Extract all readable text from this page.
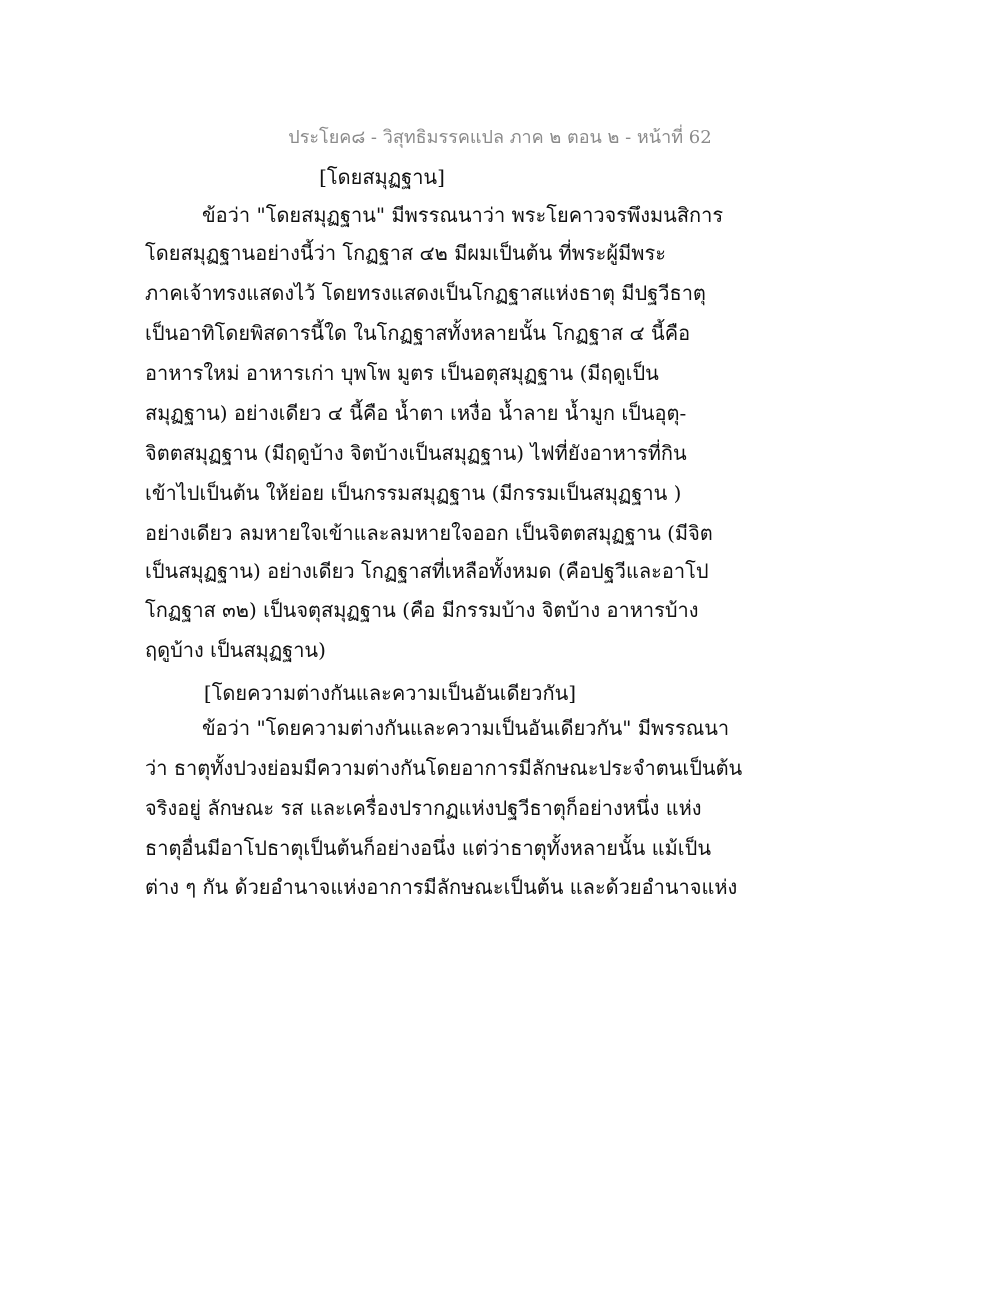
ประโยค๘ - วิสุทธิมรรคแปล ภาค ๒ ตอน ๒ - หน้าที่ 62
[โดยสมุฏฐาน]
ข้อว่า "โดยสมุฏฐาน" มีพรรณนาว่า พระโยคาวจรพึงมนสิการ
โดยสมุฏฐานอย่างนี้ว่า โกฏฐาส ๔๒ มีผมเป็นต้น ที่พระผู้มีพระ
ภาคเจ้าทรงแสดงไว้ โดยทรงแสดงเป็นโกฏฐาสแห่งธาตุ มีปฐวีธาตุ
เป็นอาทิโดยพิสดารนี้ใด ในโกฏฐาสทั้งหลายนั้น โกฏฐาส ๔ นี้คือ
อาหารใหม่ อาหารเก่า บุพโพ มูตร เป็นอตุสมุฏฐาน (มีฤดูเป็น
สมุฏฐาน) อย่างเดียว ๔ นี้คือ น้ำตา เหงื่อ น้ำลาย น้ำมูก เป็นอุตุ-
จิตตสมุฏฐาน (มีฤดูบ้าง จิตบ้างเป็นสมุฏฐาน) ไฟที่ยังอาหารที่กิน
เข้าไปเป็นต้น ให้ย่อย เป็นกรรมสมุฏฐาน (มีกรรมเป็นสมุฏฐาน )
อย่างเดียว ลมหายใจเข้าและลมหายใจออก เป็นจิตตสมุฏฐาน (มีจิต
เป็นสมุฏฐาน) อย่างเดียว โกฏฐาสที่เหลือทั้งหมด (คือปฐวีและอาโป
โกฏฐาส ๓๒) เป็นจตุสมุฏฐาน (คือ มีกรรมบ้าง จิตบ้าง อาหารบ้าง
ฤดูบ้าง เป็นสมุฏฐาน)
[โดยความต่างกันและความเป็นอันเดียวกัน]
ข้อว่า "โดยความต่างกันและความเป็นอันเดียวกัน" มีพรรณนา
ว่า ธาตุทั้งปวงย่อมมีความต่างกันโดยอาการมีลักษณะประจำตนเป็นต้น
จริงอยู่ ลักษณะ รส และเครื่องปรากฏแห่งปฐวีธาตุก็อย่างหนึ่ง แห่ง
ธาตุอื่นมีอาโปธาตุเป็นต้นก็อย่างอนึ่ง แต่ว่าธาตุทั้งหลายนั้น แม้เป็น
ต่าง ๆ กัน ด้วยอำนาจแห่งอาการมีลักษณะเป็นต้น และด้วยอำนาจแห่ง
